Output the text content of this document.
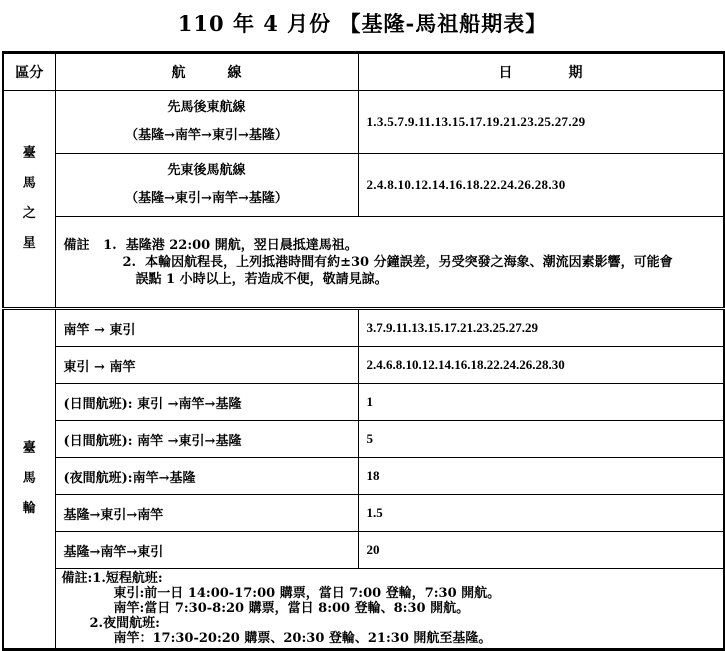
110 年 4 月份 【基隆-馬祖船期表】
區分	航　　　線	日　　　　期

臺
馬
之
星

先馬後東航線
（基隆→南竿→東引→基隆）
	1.3.5.7.9.11.13.15.17.19.21.23.25.27.29

	先東後馬航線
（基隆→東引→南竿→基隆）	2.4.8.10.12.14.16.18.22.24.26.28.30

	備註 1.  基隆港 22:00 開航，翌日晨抵達馬祖。
2.  本輪因航程長，上列抵港時間有約±30 分鐘誤差，另受突發之海象、潮流因素影響，可能會
誤點 1 小時以上，若造成不便，敬請見諒。	

臺
馬
輪	南竿 → 東引	3.7.9.11.13.15.17.21.23.25.27.29
	東引 → 南竿	2.4.6.8.10.12.14.16.18.22.24.26.28.30
	(日間航班): 東引 →南竿→基隆	1
	(日間航班): 南竿 →東引→基隆	5
	(夜間航班):南竿→基隆	18
	基隆→東引→南竿	1.5
	基隆→南竿→東引	20

	備註:1.短程航班:
東引:前一日 14:00-17:00 購票，當日 7:00 登輪，7:30 開航。
南竿:當日 7:30-8:20 購票，當日 8:00 登輪、8:30 開航。
2.夜間航班:
南竿：17:30-20:20 購票、20:30 登輪、21:30 開航至基隆。	
